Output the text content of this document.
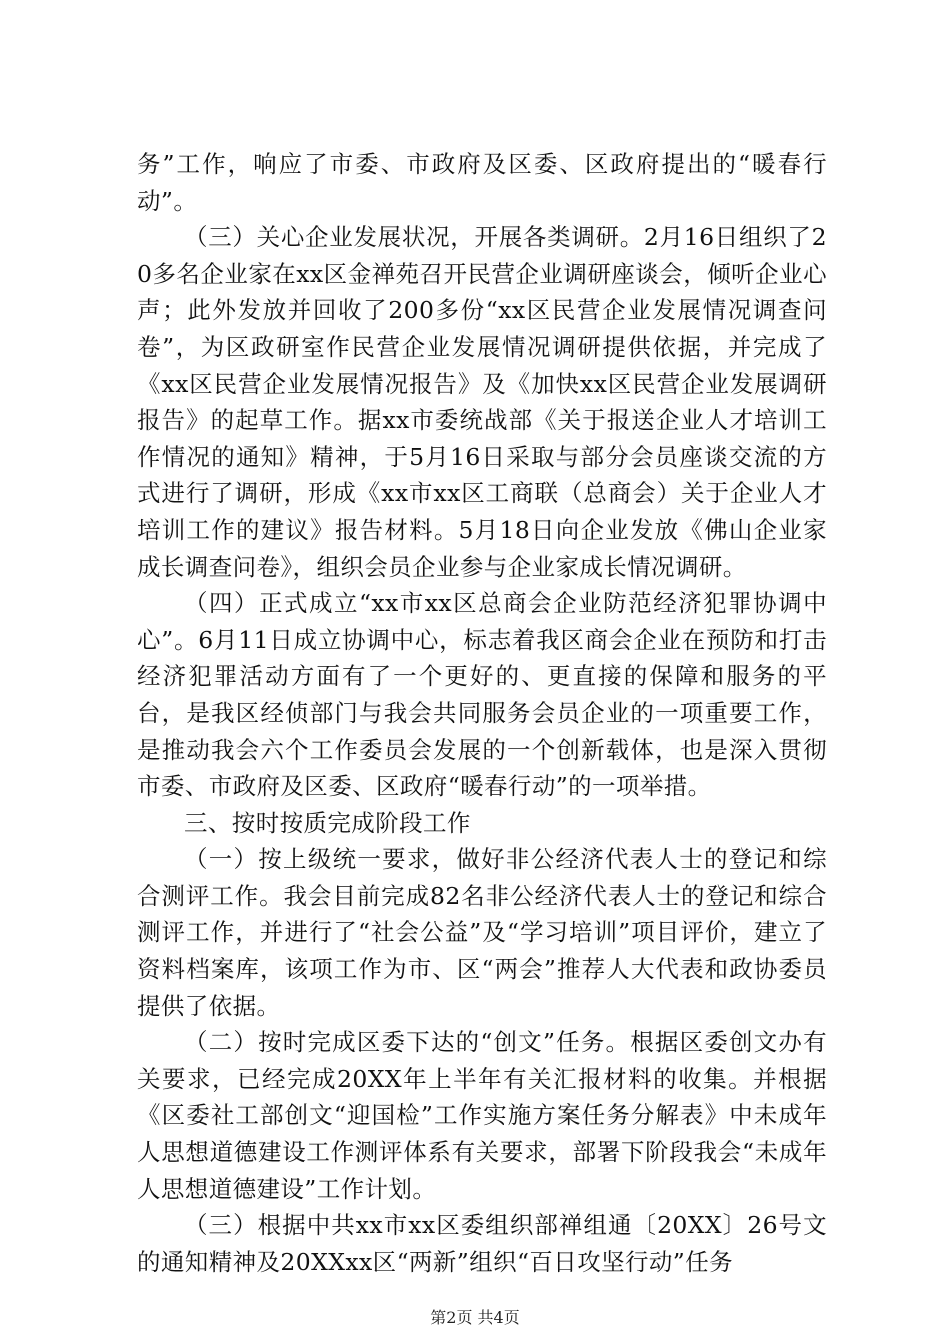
务”工作，响应了市委、市政府及区委、区政府提出的“暖春行动”。

（三）关心企业发展状况，开展各类调研。2月16日组织了20多名企业家在xx区金禅苑召开民营企业调研座谈会，倾听企业心声；此外发放并回收了200多份“xx区民营企业发展情况调查问卷”，为区政研室作民营企业发展情况调研提供依据，并完成了《xx区民营企业发展情况报告》及《加快xx区民营企业发展调研报告》的起草工作。据xx市委统战部《关于报送企业人才培训工作情况的通知》精神，于5月16日采取与部分会员座谈交流的方式进行了调研，形成《xx市xx区工商联（总商会）关于企业人才培训工作的建议》报告材料。5月18日向企业发放《佛山企业家成长调查问卷》，组织会员企业参与企业家成长情况调研。

（四）正式成立“xx市xx区总商会企业防范经济犯罪协调中心”。6月11日成立协调中心，标志着我区商会企业在预防和打击经济犯罪活动方面有了一个更好的、更直接的保障和服务的平台，是我区经侦部门与我会共同服务会员企业的一项重要工作，是推动我会六个工作委员会发展的一个创新载体，也是深入贯彻市委、市政府及区委、区政府“暖春行动”的一项举措。

三、按时按质完成阶段工作

（一）按上级统一要求，做好非公经济代表人士的登记和综合测评工作。我会目前完成82名非公经济代表人士的登记和综合测评工作，并进行了“社会公益”及“学习培训”项目评价，建立了资料档案库，该项工作为市、区“两会”推荐人大代表和政协委员提供了依据。

（二）按时完成区委下达的“创文”任务。根据区委创文办有关要求，已经完成20XX年上半年有关汇报材料的收集。并根据《区委社工部创文“迎国检”工作实施方案任务分解表》中未成年人思想道德建设工作测评体系有关要求，部署下阶段我会“未成年人思想道德建设”工作计划。

（三）根据中共xx市xx区委组织部禅组通〔20XX〕26号文的通知精神及20XXxx区“两新”组织“百日攻坚行动”任务

第2页 共4页
